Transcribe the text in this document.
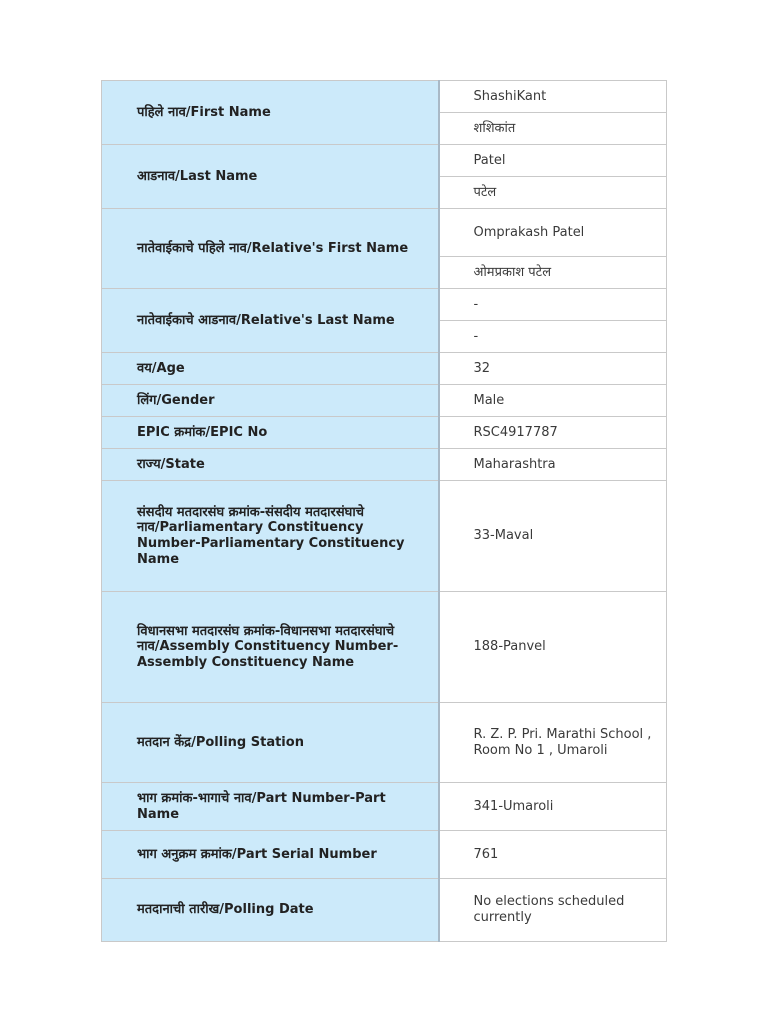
पहिले नाव/First Name	ShashiKant
	शशिकांत
आडनाव/Last Name	Patel
	पटेल
नातेवाईकाचे पहिले नाव/Relative's First Name	Omprakash Patel
	ओमप्रकाश पटेल
नातेवाईकाचे आडनाव/Relative's Last Name	-
	-
वय/Age	32
लिंग/Gender	Male
EPIC क्रमांक/EPIC No	RSC4917787
राज्य/State	Maharashtra
संसदीय मतदारसंघ क्रमांक-संसदीय मतदारसंघाचे नाव/Parliamentary Constituency Number-Parliamentary Constituency Name	33-Maval
विधानसभा मतदारसंघ क्रमांक-विधानसभा मतदारसंघाचे नाव/Assembly Constituency Number-Assembly Constituency Name	188-Panvel
मतदान केंद्र/Polling Station	R. Z. P. Pri. Marathi School , Room No 1 , Umaroli
भाग क्रमांक-भागाचे नाव/Part Number-Part Name	341-Umaroli
भाग अनुक्रम क्रमांक/Part Serial Number	761
मतदानाची तारीख/Polling Date	No elections scheduled currently
